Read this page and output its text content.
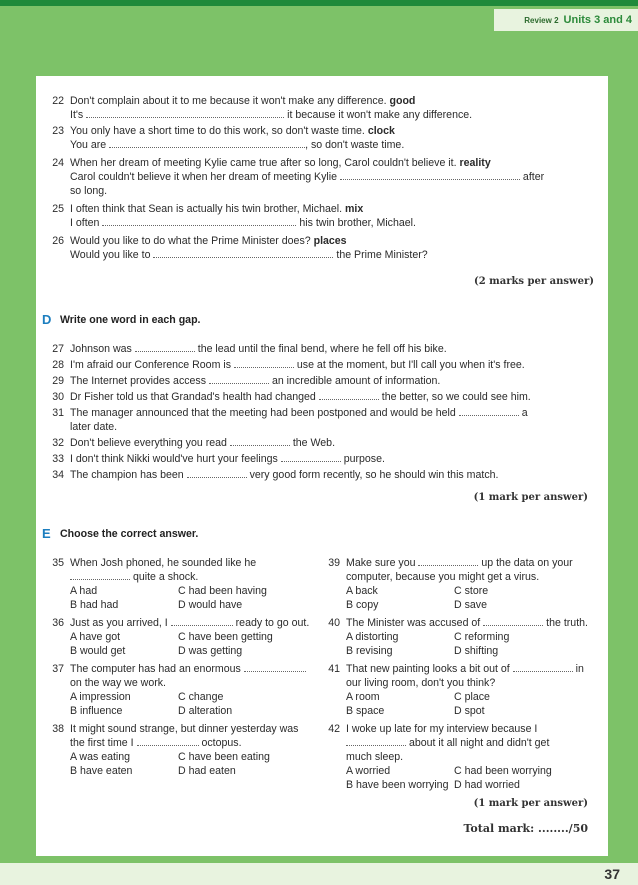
Review 2 Units 3 and 4
22 Don't complain about it to me because it won't make any difference. good
It's	it because it won't make any difference.
23 You only have a short time to do this work, so don't waste time. clock
You are	, so don't waste time.
24 When her dream of meeting Kylie came true after so long, Carol couldn't believe it. reality
Carol couldn't believe it when her dream of meeting Kylie	after
so long.
25 I often think that Sean is actually his twin brother, Michael. mix
I often	his twin brother, Michael.
26 Would you like to do what the Prime Minister does? places
Would you like to	the Prime Minister?
(2 marks per answer)
D Write one word in each gap.
27 Johnson was	the lead until the final bend, where he fell off his bike.
28 I'm afraid our Conference Room is	use at the moment, but I'll call you when it's free.
29 The Internet provides access	an incredible amount of information.
30 Dr Fisher told us that Grandad's health had changed	the better, so we could see him.
31 The manager announced that the meeting had been postponed and would be held	a
later date.
32 Don't believe everything you read	the Web.
33 I don't think Nikki would've hurt your feelings	purpose.
34 The champion has been	very good form recently, so he should win this match.
(1 mark per answer)
E Choose the correct answer.
35 When Josh phoned, he sounded like he
quite a shock.
A had	C had been having
B had had	D would have
36 Just as you arrived, I	ready to go out.
A have got	C have been getting
B would get	D was getting
37 The computer has had an enormous
on the way we work.
A impression	C change
B influence	D alteration
38 It might sound strange, but dinner yesterday was
the first time I	octopus.
A was eating	C have been eating
B have eaten	D had eaten
39 Make sure you	up the data on your
computer, because you might get a virus.
A back	C store
B copy	D save
40 The Minister was accused of	the truth.
A distorting	C reforming
B revising	D shifting
41 That new painting looks a bit out of	in
our living room, don't you think?
A room	C place
B space	D spot
42 I woke up late for my interview because I
about it all night and didn't get
much sleep.
A worried	C had been worrying
B have been worrying D had worried
(1 mark per answer)
Total mark: ......../50
37
